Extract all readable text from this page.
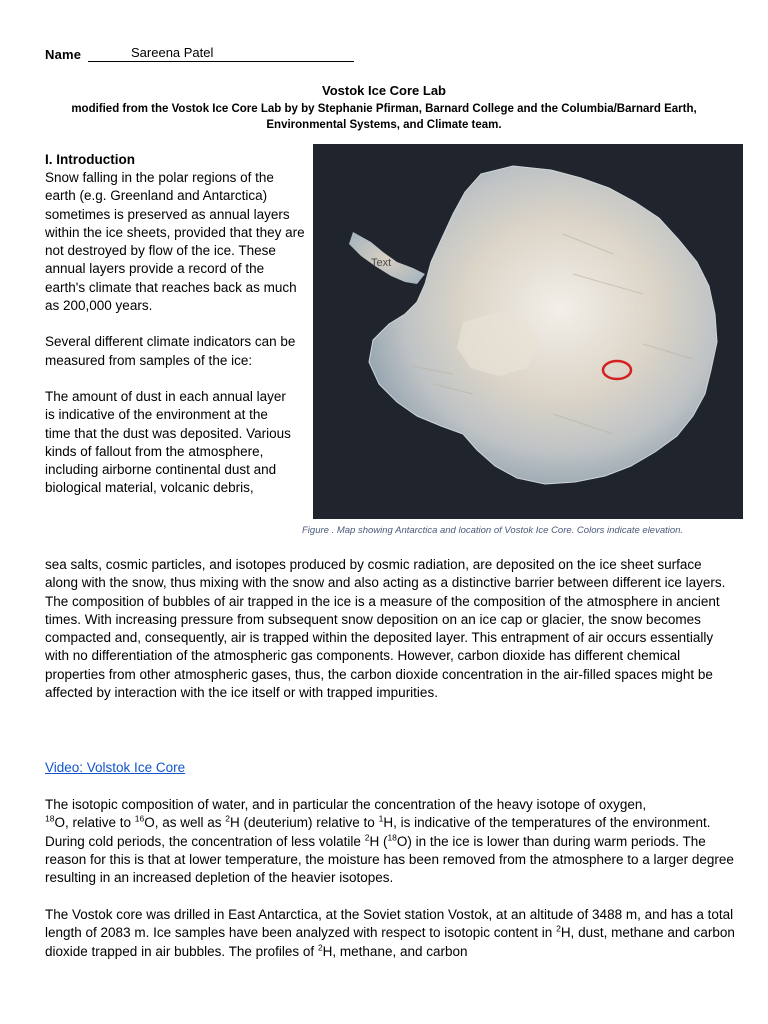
Name	Sareena Patel
Vostok Ice Core Lab
modified from the Vostok Ice Core Lab by by Stephanie Pfirman, Barnard College and the Columbia/Barnard Earth, Environmental Systems, and Climate team.
I. Introduction

Snow falling in the polar regions of the earth (e.g. Greenland and Antarctica) sometimes is preserved as annual layers within the ice sheets, provided that they are not destroyed by flow of the ice. These annual layers provide a record of the earth's climate that reaches back as much as 200,000 years.

Several different climate indicators can be measured from samples of the ice:

The amount of dust in each annual layer is indicative of the environment at the time that the dust was deposited. Various kinds of fallout from the atmosphere, including airborne continental dust and biological material, volcanic debris,

Text
Figure . Map showing Antarctica and location of Vostok Ice Core. Colors indicate elevation.

sea salts, cosmic particles, and isotopes produced by cosmic radiation, are deposited on the ice sheet surface along with the snow, thus mixing with the snow and also acting as a distinctive barrier between different ice layers.

The composition of bubbles of air trapped in the ice is a measure of the composition of the atmosphere in ancient times. With increasing pressure from subsequent snow deposition on an ice cap or glacier, the snow becomes compacted and, consequently, air is trapped within the deposited layer. This entrapment of air occurs essentially with no differentiation of the atmospheric gas components. However, carbon dioxide has different chemical properties from other atmospheric gases, thus, the carbon dioxide concentration in the air-filled spaces might be affected by interaction with the ice itself or with trapped impurities.

Video: Volstok Ice Core

The isotopic composition of water, and in particular the concentration of the heavy isotope of oxygen,
$^{18}$O, relative to $^{16}$O, as well as $^2$H (deuterium) relative to $^1$H, is indicative of the temperatures of the environment. During cold periods, the concentration of less volatile $^2$H ($^{18}$O) in the ice is lower than during warm periods. The reason for this is that at lower temperature, the moisture has been removed from the atmosphere to a larger degree resulting in an increased depletion of the heavier isotopes.

The Vostok core was drilled in East Antarctica, at the Soviet station Vostok, at an altitude of 3488 m, and has a total length of 2083 m. Ice samples have been analyzed with respect to isotopic content in $^2$H, dust, methane and carbon dioxide trapped in air bubbles. The profiles of $^2$H, methane, and carbon
